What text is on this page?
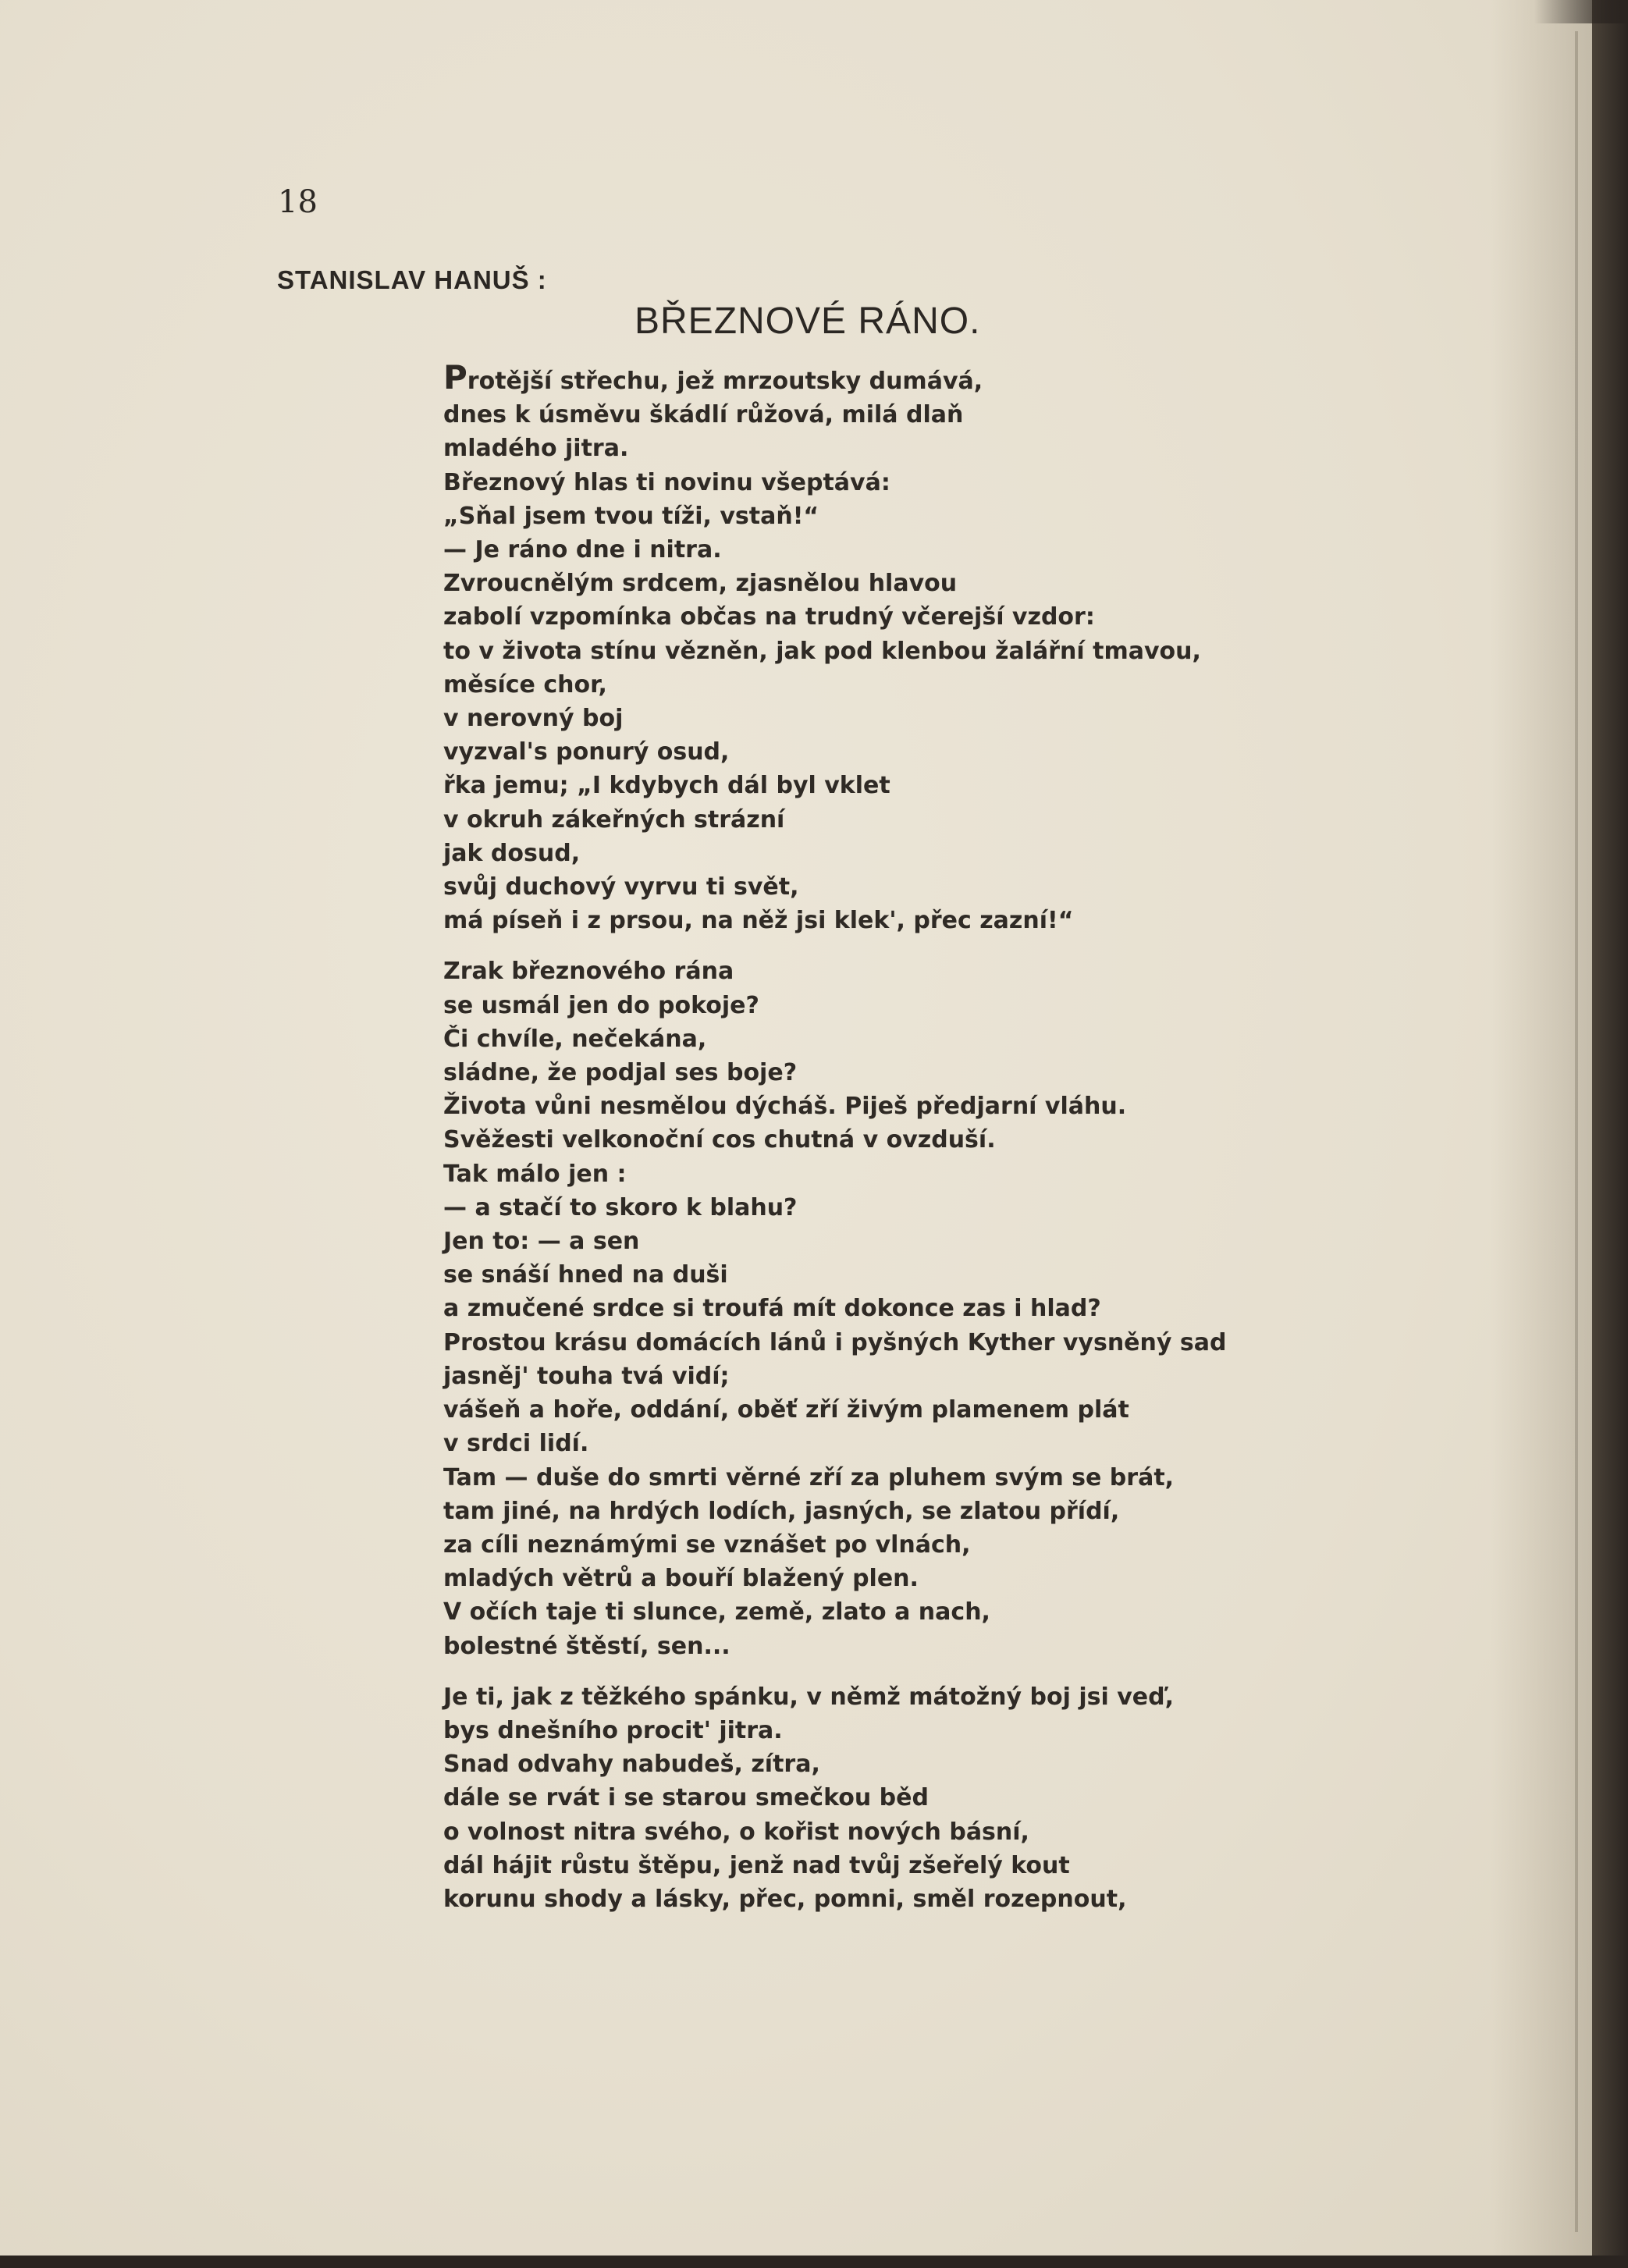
18
STANISLAV HANUŠ :
BŘEZNOVÉ RÁNO.
Protější střechu, jež mrzoutsky dumává,
dnes k úsměvu škádlí růžová, milá dlaň
mladého jitra.
Březnový hlas ti novinu všeptává:
„Sňal jsem tvou tíži, vstaň!“
— Je ráno dne i nitra.
Zvroucnělým srdcem, zjasnělou hlavou
zabolí vzpomínka občas na trudný včerejší vzdor:
to v života stínu vězněn, jak pod klenbou žalářní tmavou,
měsíce chor,
v nerovný boj
vyzval's ponurý osud,
řka jemu; „I kdybych dál byl vklet
v okruh zákeřných strázní
jak dosud,
svůj duchový vyrvu ti svět,
má píseň i z prsou, na něž jsi klek', přec zazní!“
Zrak březnového rána
se usmál jen do pokoje?
Či chvíle, nečekána,
sládne, že podjal ses boje?
Života vůni nesmělou dýcháš. Piješ předjarní vláhu.
Svěžesti velkonoční cos chutná v ovzduší.
Tak málo jen :
— a stačí to skoro k blahu?
Jen to: — a sen
se snáší hned na duši
a zmučené srdce si troufá mít dokonce zas i hlad?
Prostou krásu domácích lánů i pyšných Kyther vysněný sad
jasněj' touha tvá vidí;
vášeň a hoře, oddání, oběť zří živým plamenem plát
v srdci lidí.
Tam — duše do smrti věrné zří za pluhem svým se brát,
tam jiné, na hrdých lodích, jasných, se zlatou přídí,
za cíli neznámými se vznášet po vlnách,
mladých větrů a bouří blažený plen.
V očích taje ti slunce, země, zlato a nach,
bolestné štěstí, sen...
Je ti, jak z těžkého spánku, v němž mátožný boj jsi veď,
bys dnešního procit' jitra.
Snad odvahy nabudeš, zítra,
dále se rvát i se starou smečkou běd
o volnost nitra svého, o kořist nových básní,
dál hájit růstu štěpu, jenž nad tvůj zšeřelý kout
korunu shody a lásky, přec, pomni, směl rozepnout,
